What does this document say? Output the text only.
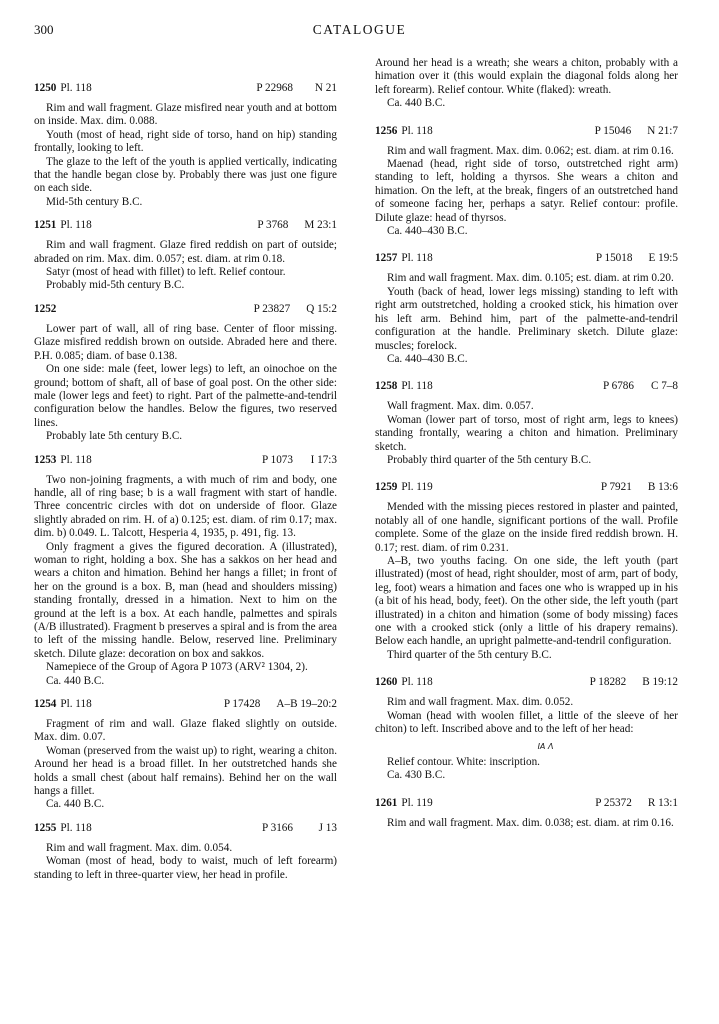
300	CATALOGUE
1250 Pl. 118	P 22968 N 21

Rim and wall fragment. Glaze misfired near youth and at bottom on inside. Max. dim. 0.088.

Youth (most of head, right side of torso, hand on hip) standing frontally, looking to left.

The glaze to the left of the youth is applied vertically, indicating that the handle began close by. Probably there was just one figure on each side.

Mid-5th century B.C.

1251 Pl. 118	P 3768 M 23:1

Rim and wall fragment. Glaze fired reddish on part of outside; abraded on rim. Max. dim. 0.057; est. diam. at rim 0.18.

Satyr (most of head with fillet) to left. Relief contour.

Probably mid-5th century B.C.

1252	P 23827 Q 15:2

Lower part of wall, all of ring base. Center of floor missing. Glaze misfired reddish brown on outside. Abraded here and there. P.H. 0.085; diam. of base 0.138.

On one side: male (feet, lower legs) to left, an oinochoe on the ground; bottom of shaft, all of base of goal post. On the other side: male (lower legs and feet) to right. Part of the palmette-and-tendril configuration below the handles. Below the figures, two reserved lines.

Probably late 5th century B.C.

1253 Pl. 118	P 1073 I 17:3

Two non-joining fragments, a with much of rim and body, one handle, all of ring base; b is a wall fragment with start of handle. Three concentric circles with dot on underside of floor. Glaze slightly abraded on rim. H. of a) 0.125; est. diam. of rim 0.17; max. dim. b) 0.049. L. Talcott, Hesperia 4, 1935, p. 491, fig. 13.

Only fragment a gives the figured decoration. A (illustrated), woman to right, holding a box. She has a sakkos on her head and wears a chiton and himation. Behind her hangs a fillet; in front of her on the ground is a box. B, man (head and shoulders missing) standing frontally, dressed in a himation. Next to him on the ground at the left is a box. At each handle, palmettes and spirals (A/B illustrated). Fragment b preserves a spiral and is from the area to left of the missing handle. Below, reserved line. Preliminary sketch. Dilute glaze: decoration on box and sakkos.

Namepiece of the Group of Agora P 1073 (ARV² 1304, 2).

Ca. 440 B.C.

1254 Pl. 118	P 17428 A–B 19–20:2

Fragment of rim and wall. Glaze flaked slightly on outside. Max. dim. 0.07.

Woman (preserved from the waist up) to right, wearing a chiton. Around her head is a broad fillet. In her outstretched hands she holds a small chest (about half remains). Behind her on the wall hangs a fillet.

Ca. 440 B.C.

1255 Pl. 118	P 3166 J 13

Rim and wall fragment. Max. dim. 0.054.

Woman (most of head, body to waist, much of left forearm) standing to left in three-quarter view, her head in profile.

Around her head is a wreath; she wears a chiton, probably with a himation over it (this would explain the diagonal folds along her left forearm). Relief contour. White (flaked): wreath.

Ca. 440 B.C.

1256 Pl. 118	P 15046 N 21:7

Rim and wall fragment. Max. dim. 0.062; est. diam. at rim 0.16.

Maenad (head, right side of torso, outstretched right arm) standing to left, holding a thyrsos. She wears a chiton and himation. On the left, at the break, fingers of an outstretched hand of someone facing her, perhaps a satyr. Relief contour: profile. Dilute glaze: head of thyrsos.

Ca. 440–430 B.C.

1257 Pl. 118	P 15018 E 19:5

Rim and wall fragment. Max. dim. 0.105; est. diam. at rim 0.20.

Youth (back of head, lower legs missing) standing to left with right arm outstretched, holding a crooked stick, his himation over his left arm. Behind him, part of the palmette-and-tendril configuration at the handle. Preliminary sketch. Dilute glaze: muscles; forelock.

Ca. 440–430 B.C.

1258 Pl. 118	P 6786 C 7–8

Wall fragment. Max. dim. 0.057.

Woman (lower part of torso, most of right arm, legs to knees) standing frontally, wearing a chiton and himation. Preliminary sketch.

Probably third quarter of the 5th century B.C.

1259 Pl. 119	P 7921 B 13:6

Mended with the missing pieces restored in plaster and painted, notably all of one handle, significant portions of the wall. Profile complete. Some of the glaze on the inside fired reddish brown. H. 0.17; rest. diam. of rim 0.231.

A–B, two youths facing. On one side, the left youth (part illustrated) (most of head, right shoulder, most of arm, part of body, leg, foot) wears a himation and faces one who is wrapped up in his (a bit of his head, body, feet). On the other side, the left youth (part illustrated) in a chiton and himation (some of body missing) faces one with a crooked stick (only a little of his drapery remains). Below each handle, an upright palmette-and-tendril configuration.

Third quarter of the 5th century B.C.

1260 Pl. 118	P 18282 B 19:12

Rim and wall fragment. Max. dim. 0.052.

Woman (head with woolen fillet, a little of the sleeve of her chiton) to left. Inscribed above and to the left of her head:

ΙΑ Λ

Relief contour. White: inscription.

Ca. 430 B.C.

1261 Pl. 119	P 25372 R 13:1

Rim and wall fragment. Max. dim. 0.038; est. diam. at rim 0.16.
